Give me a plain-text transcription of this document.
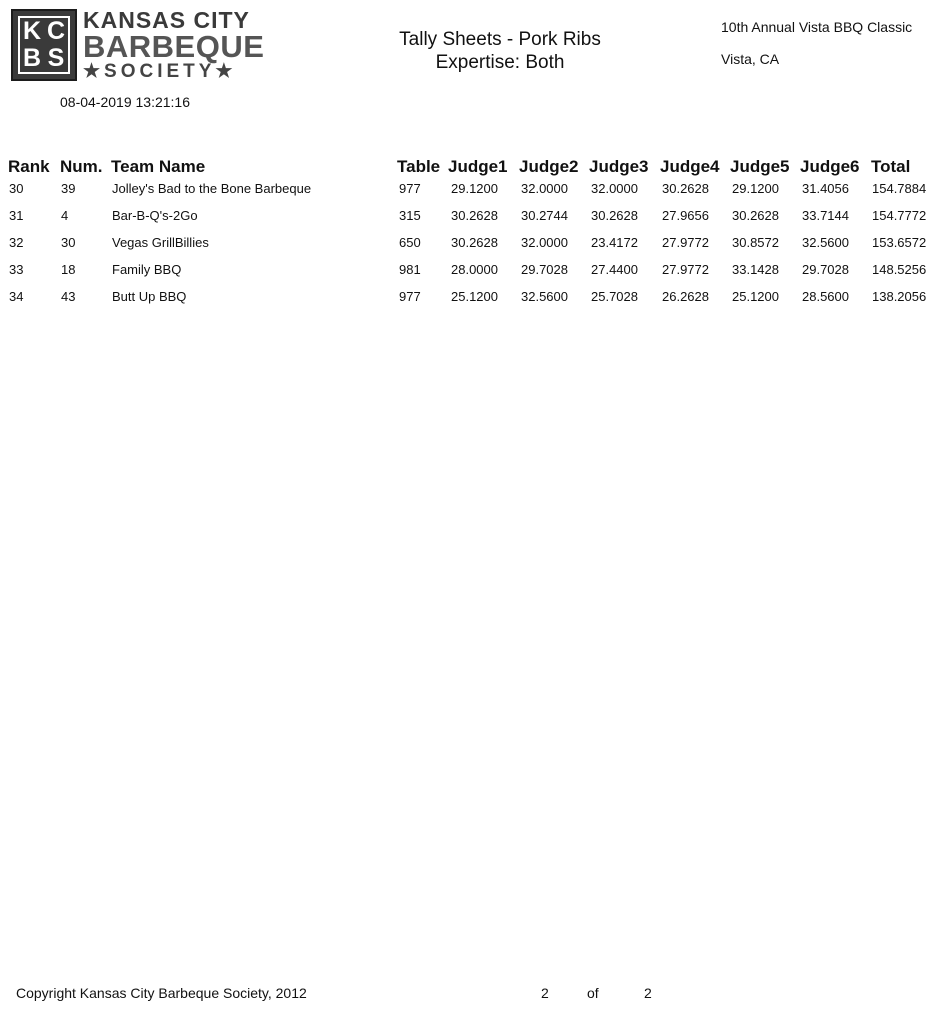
K C
B S
KANSAS CITY
BARBEQUE
★SOCIETY★
08-04-2019 13:21:16
Tally Sheets - Pork Ribs
Expertise: Both
10th Annual Vista BBQ Classic
Vista, CA
Rank Num. Team Name	Table Judge1 Judge2 Judge3 Judge4 Judge5 Judge6 Total
30	39	Jolley's Bad to the Bone Barbeque	977 29.1200 32.0000 32.0000 30.2628 29.1200 31.4056 154.7884
31	4	Bar-B-Q's-2Go	315 30.2628 30.2744 30.2628 27.9656 30.2628 33.7144 154.7772
32	30	Vegas GrillBillies	650 30.2628 32.0000 23.4172 27.9772 30.8572 32.5600 153.6572
33	18	Family BBQ	981 28.0000 29.7028 27.4400 27.9772 33.1428 29.7028 148.5256
34	43	Butt Up BBQ	977 25.1200 32.5600 25.7028 26.2628 25.1200 28.5600 138.2056
Copyright Kansas City Barbeque Society, 2012	2	of	2
